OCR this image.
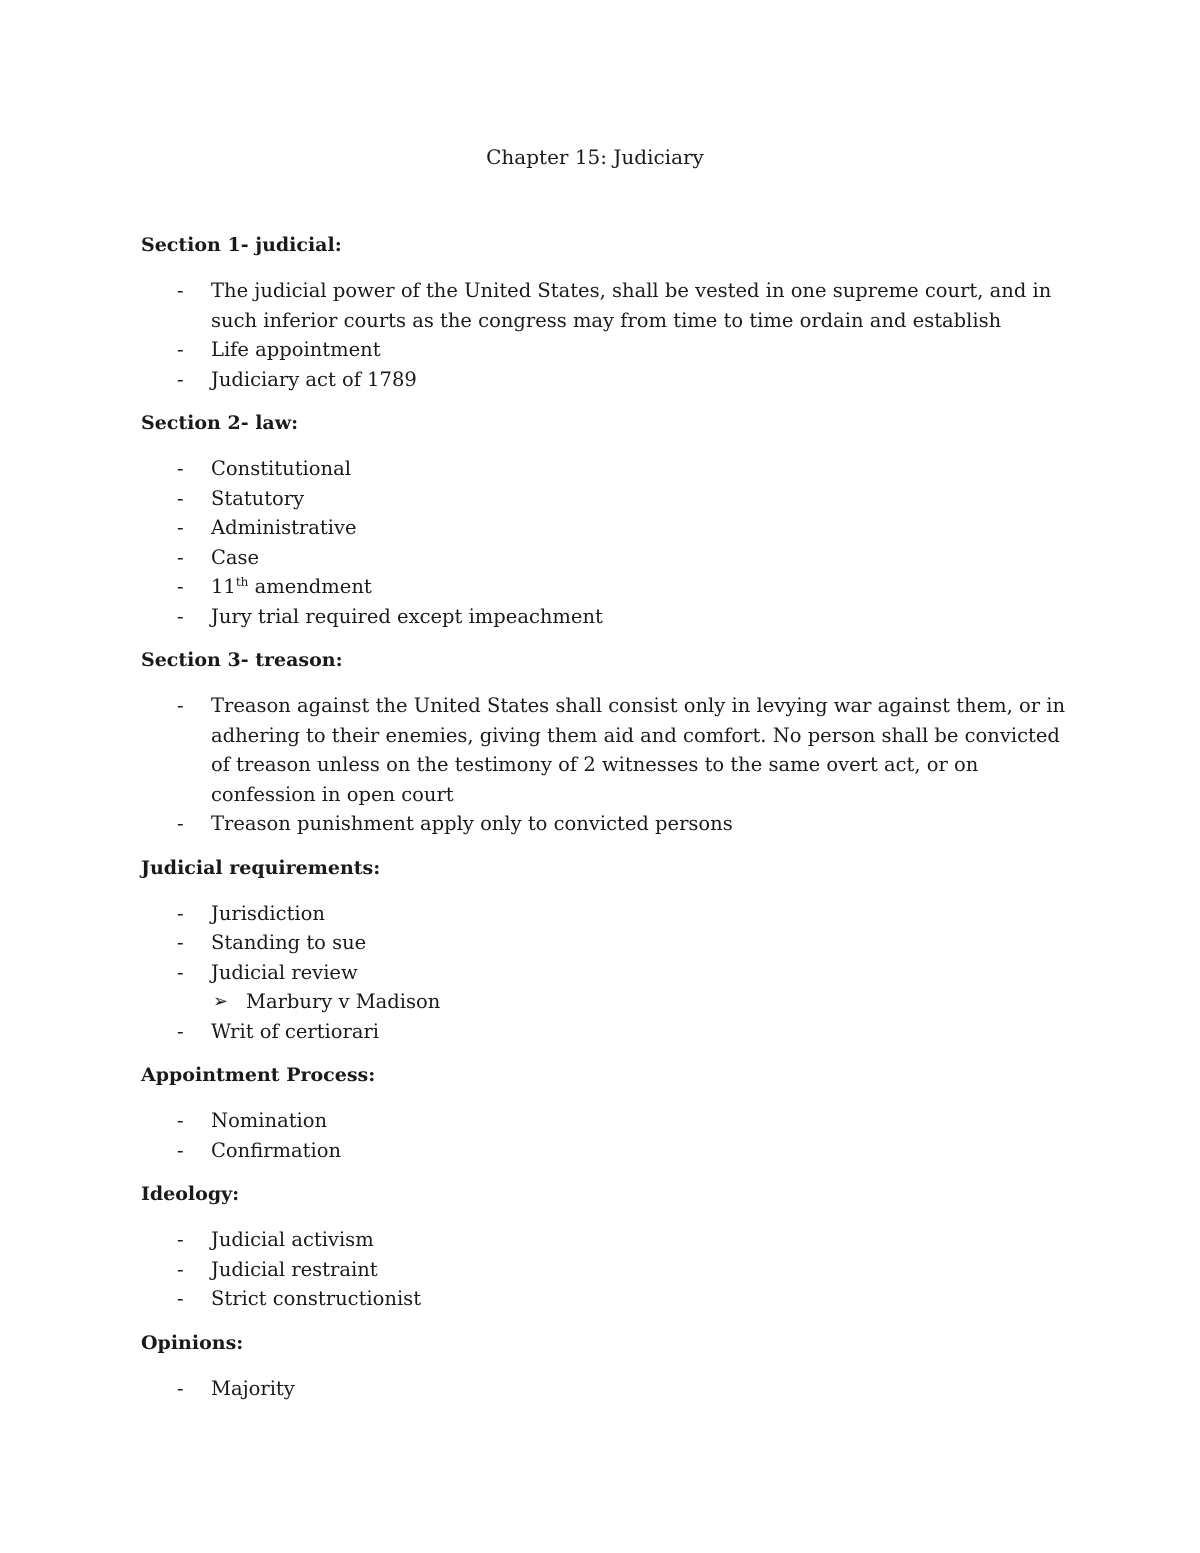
Chapter 15: Judiciary

Section 1- judicial:

- The judicial power of the United States, shall be vested in one supreme court, and in such inferior courts as the congress may from time to time ordain and establish
- Life appointment
- Judiciary act of 1789

Section 2- law:

- Constitutional
- Statutory
- Administrative
- Case
- 11th amendment
- Jury trial required except impeachment

Section 3- treason:

- Treason against the United States shall consist only in levying war against them, or in adhering to their enemies, giving them aid and comfort. No person shall be convicted of treason unless on the testimony of 2 witnesses to the same overt act, or on confession in open court
- Treason punishment apply only to convicted persons

Judicial requirements:

- Jurisdiction
- Standing to sue
- Judicial review
➢ Marbury v Madison
- Writ of certiorari

Appointment Process:

- Nomination
- Confirmation

Ideology:

- Judicial activism
- Judicial restraint
- Strict constructionist

Opinions:

- Majority
